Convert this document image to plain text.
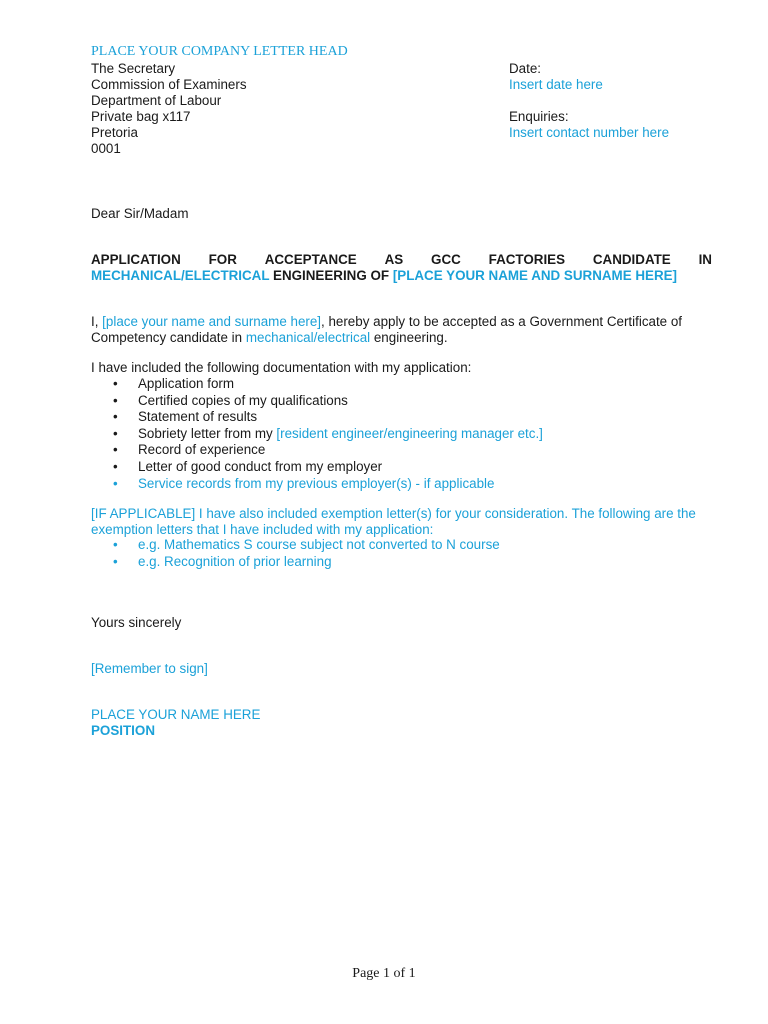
PLACE YOUR COMPANY LETTER HEAD
The Secretary
Commission of Examiners
Department of Labour
Private bag x117
Pretoria
0001
Date:
Insert date here
Enquiries:
Insert contact number here
Dear Sir/Madam
APPLICATION FOR ACCEPTANCE AS GCC FACTORIES CANDIDATE IN
MECHANICAL/ELECTRICAL ENGINEERING OF [PLACE YOUR NAME AND SURNAME HERE]
I, [place your name and surname here], hereby apply to be accepted as a Government Certificate of Competency candidate in mechanical/electrical engineering.
I have included the following documentation with my application:
• Application form
• Certified copies of my qualifications
• Statement of results
• Sobriety letter from my [resident engineer/engineering manager etc.]
• Record of experience
• Letter of good conduct from my employer
• Service records from my previous employer(s) - if applicable
[IF APPLICABLE] I have also included exemption letter(s) for your consideration. The following are the exemption letters that I have included with my application:
• e.g. Mathematics S course subject not converted to N course
• e.g. Recognition of prior learning
Yours sincerely
[Remember to sign]
PLACE YOUR NAME HERE
POSITION
Page 1 of 1
